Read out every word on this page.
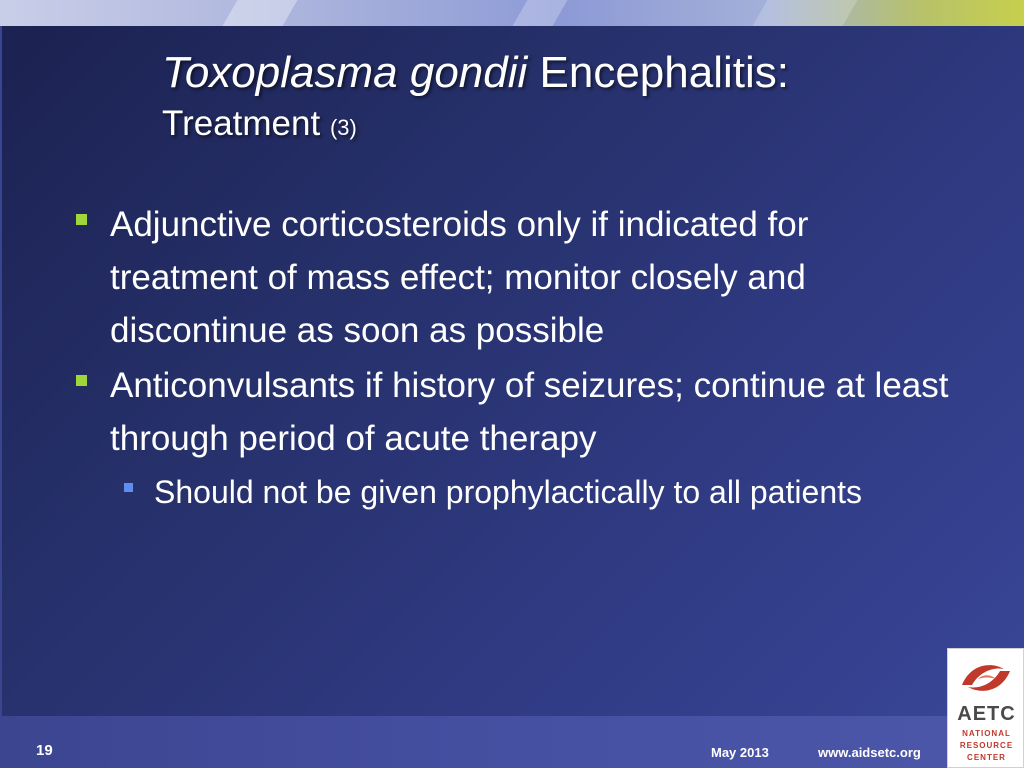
Toxoplasma gondii Encephalitis:
Treatment (3)
Adjunctive corticosteroids only if indicated for treatment of mass effect; monitor closely and discontinue as soon as possible
Anticonvulsants if history of seizures; continue at least through period of acute therapy
Should not be given prophylactically to all patients
19	May 2013	www.aidsetc.org
AETC
NATIONAL
RESOURCE
CENTER
